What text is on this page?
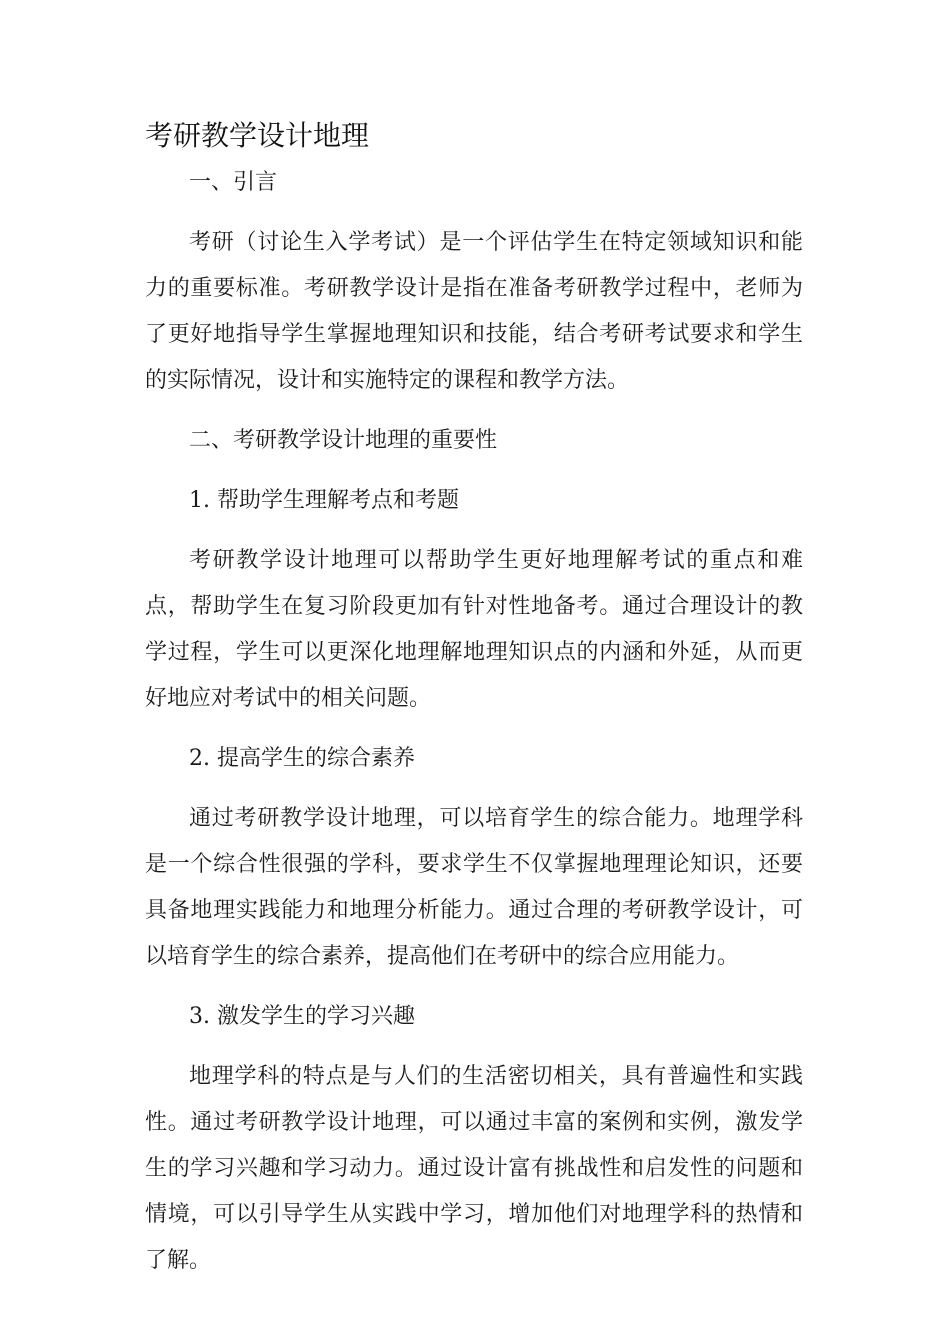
考研教学设计地理

一、引言

考研（讨论生入学考试）是一个评估学生在特定领域知识和能力的重要标准。考研教学设计是指在准备考研教学过程中，老师为了更好地指导学生掌握地理知识和技能，结合考研考试要求和学生的实际情况，设计和实施特定的课程和教学方法。

二、考研教学设计地理的重要性

1. 帮助学生理解考点和考题

考研教学设计地理可以帮助学生更好地理解考试的重点和难点，帮助学生在复习阶段更加有针对性地备考。通过合理设计的教学过程，学生可以更深化地理解地理知识点的内涵和外延，从而更好地应对考试中的相关问题。

2. 提高学生的综合素养

通过考研教学设计地理，可以培育学生的综合能力。地理学科是一个综合性很强的学科，要求学生不仅掌握地理理论知识，还要具备地理实践能力和地理分析能力。通过合理的考研教学设计，可以培育学生的综合素养，提高他们在考研中的综合应用能力。

3. 激发学生的学习兴趣

地理学科的特点是与人们的生活密切相关，具有普遍性和实践性。通过考研教学设计地理，可以通过丰富的案例和实例，激发学生的学习兴趣和学习动力。通过设计富有挑战性和启发性的问题和情境，可以引导学生从实践中学习，增加他们对地理学科的热情和了解。
